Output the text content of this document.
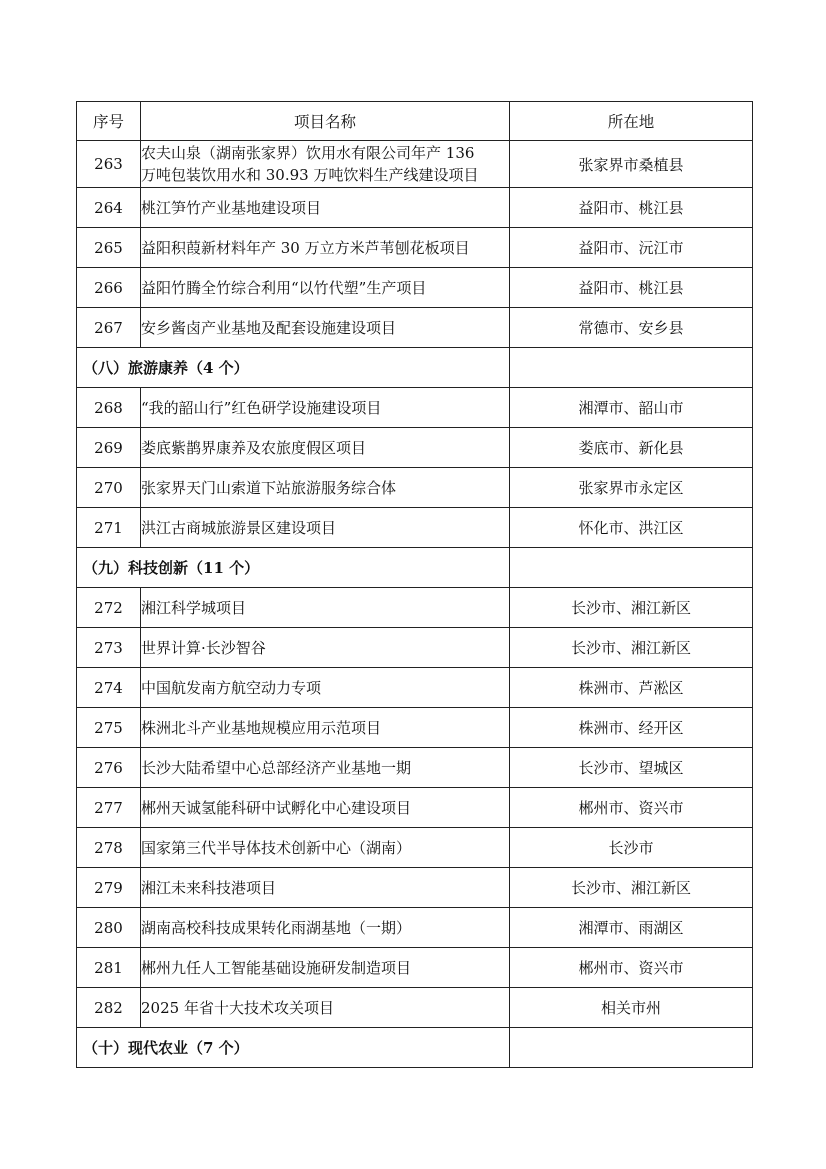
序号	项目名称	所在地
263	农夫山泉（湖南张家界）饮用水有限公司年产 136
万吨包装饮用水和 30.93 万吨饮料生产线建设项目	张家界市桑植县
264	桃江笋竹产业基地建设项目	益阳市、桃江县
265	益阳积葭新材料年产 30 万立方米芦苇刨花板项目	益阳市、沅江市
266	益阳竹腾全竹综合利用“以竹代塑”生产项目	益阳市、桃江县
267	安乡酱卤产业基地及配套设施建设项目	常德市、安乡县
（八）旅游康养（4 个）		
268	“我的韶山行”红色研学设施建设项目	湘潭市、韶山市
269	娄底紫鹊界康养及农旅度假区项目	娄底市、新化县
270	张家界天门山索道下站旅游服务综合体	张家界市永定区
271	洪江古商城旅游景区建设项目	怀化市、洪江区
（九）科技创新（11 个）		
272	湘江科学城项目	长沙市、湘江新区
273	世界计算·长沙智谷	长沙市、湘江新区
274	中国航发南方航空动力专项	株洲市、芦淞区
275	株洲北斗产业基地规模应用示范项目	株洲市、经开区
276	长沙大陆希望中心总部经济产业基地一期	长沙市、望城区
277	郴州天诚氢能科研中试孵化中心建设项目	郴州市、资兴市
278	国家第三代半导体技术创新中心（湖南）	长沙市
279	湘江未来科技港项目	长沙市、湘江新区
280	湖南高校科技成果转化雨湖基地（一期）	湘潭市、雨湖区
281	郴州九任人工智能基础设施研发制造项目	郴州市、资兴市
282	2025 年省十大技术攻关项目	相关市州
（十）现代农业（7 个）		
